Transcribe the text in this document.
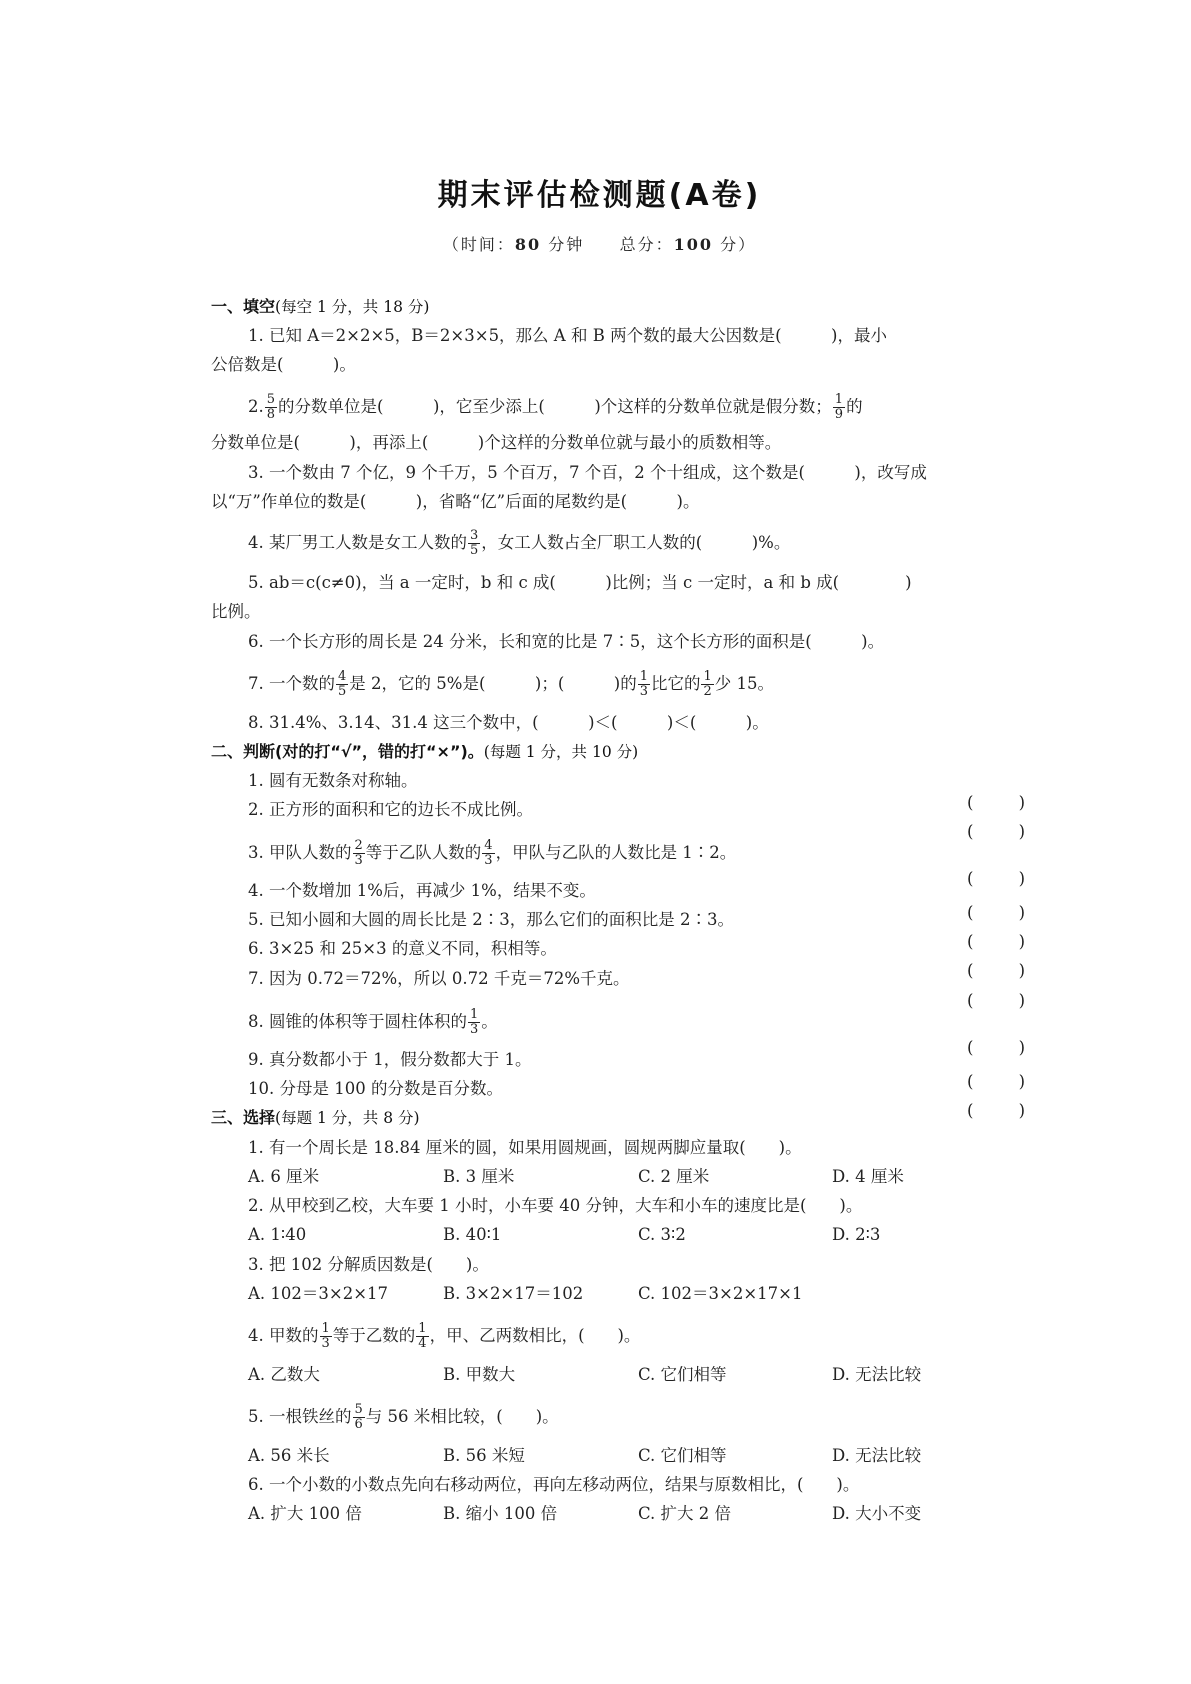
期末评估检测题(A卷)
（时间：80 分钟 总分：100 分）
一、填空(每空 1 分，共 18 分)
1. 已知 A＝2×2×5，B＝2×3×5，那么 A 和 B 两个数的最大公因数是(　　　)，最小
公倍数是(　　　)。
2. $\frac{5}{8}$ 的分数单位是(　　　)，它至少添上(　　　)个这样的分数单位就是假分数； $\frac{1}{9}$ 的
分数单位是(　　　)，再添上(　　　)个这样的分数单位就与最小的质数相等。
3. 一个数由 7 个亿，9 个千万，5 个百万，7 个百，2 个十组成，这个数是(　　　)，改写成
以“万”作单位的数是(　　　)，省略“亿”后面的尾数约是(　　　)。
4. 某厂男工人数是女工人数的 $\frac{3}{5}$ ，女工人数占全厂职工人数的(　　　)%。
5. ab＝c(c≠0)，当 a 一定时，b 和 c 成(　　　)比例；当 c 一定时，a 和 b 成(　　　　)
比例。
6. 一个长方形的周长是 24 分米，长和宽的比是 7∶5，这个长方形的面积是(　　　)。
7. 一个数的 $\frac{4}{5}$ 是 2，它的 5%是(　　　)；(　　　)的 $\frac{1}{3}$ 比它的 $\frac{1}{2}$ 少 15。
8. 31.4%、3.14、31.4 这三个数中，(　　　)＜(　　　)＜(　　　)。
二、判断(对的打“√”，错的打“×”)。(每题 1 分，共 10 分)
1. 圆有无数条对称轴。
(	)
2. 正方形的面积和它的边长不成比例。
(	)
3. 甲队人数的 $\frac{2}{3}$ 等于乙队人数的 $\frac{4}{3}$ ，甲队与乙队的人数比是 1∶2。
(	)
4. 一个数增加 1%后，再减少 1%，结果不变。
(	)
5. 已知小圆和大圆的周长比是 2∶3，那么它们的面积比是 2∶3。
(	)
6. 3×25 和 25×3 的意义不同，积相等。
(	)
7. 因为 0.72＝72%，所以 0.72 千克＝72%千克。
(	)
8. 圆锥的体积等于圆柱体积的 $\frac{1}{3}$ 。
(	)
9. 真分数都小于 1，假分数都大于 1。
(	)
10. 分母是 100 的分数是百分数。
(	)
三、选择(每题 1 分，共 8 分)
1. 有一个周长是 18.84 厘米的圆，如果用圆规画，圆规两脚应量取(　　)。
A. 6 厘米	B. 3 厘米	C. 2 厘米	D. 4 厘米
2. 从甲校到乙校，大车要 1 小时，小车要 40 分钟，大车和小车的速度比是(　　)。
A. 1∶40	B. 40∶1	C. 3∶2	D. 2∶3
3. 把 102 分解质因数是(　　)。
A. 102＝3×2×17	B. 3×2×17＝102	C. 102＝3×2×17×1
4. 甲数的 $\frac{1}{3}$ 等于乙数的 $\frac{1}{4}$ ，甲、乙两数相比，(　　)。
A. 乙数大	B. 甲数大	C. 它们相等	D. 无法比较
5. 一根铁丝的 $\frac{5}{6}$ 与 56 米相比较，(　　)。
A. 56 米长	B. 56 米短	C. 它们相等	D. 无法比较
6. 一个小数的小数点先向右移动两位，再向左移动两位，结果与原数相比，(　　)。
A. 扩大 100 倍	B. 缩小 100 倍	C. 扩大 2 倍	D. 大小不变
